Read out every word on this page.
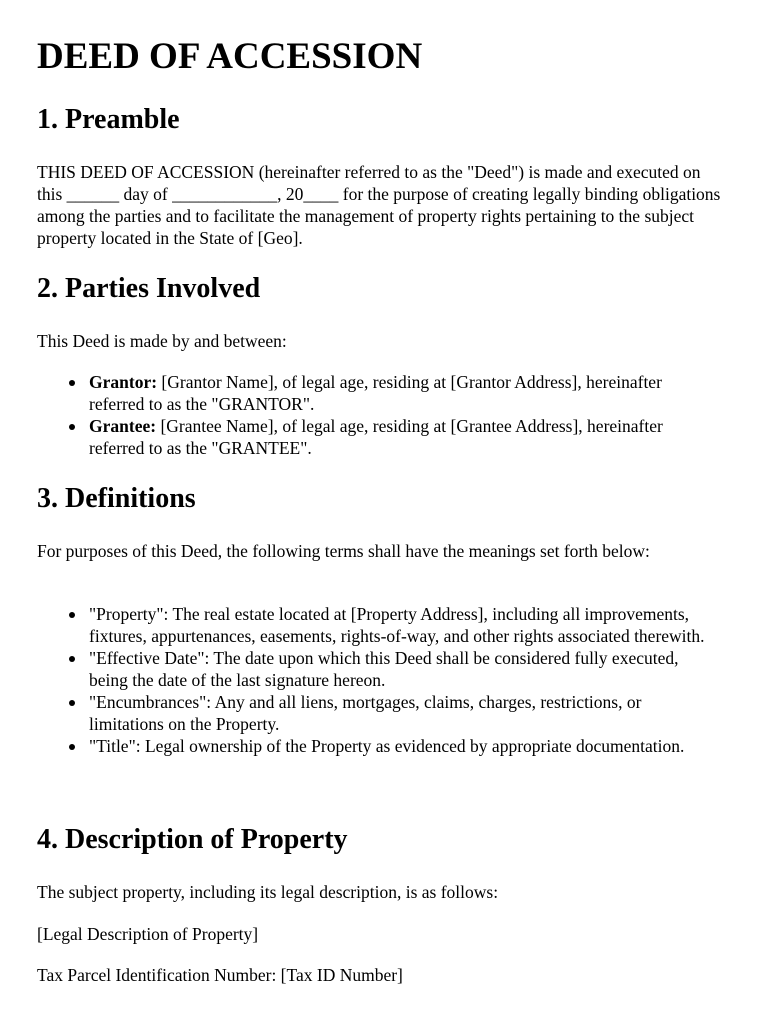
DEED OF ACCESSION
1. Preamble

THIS DEED OF ACCESSION (hereinafter referred to as the "Deed") is made and executed on this ______ day of ____________, 20____ for the purpose of creating legally binding obligations among the parties and to facilitate the management of property rights pertaining to the subject property located in the State of [Geo].

2. Parties Involved

This Deed is made by and between:

Grantor: [Grantor Name], of legal age, residing at [Grantor Address], hereinafter referred to as the "GRANTOR".
Grantee: [Grantee Name], of legal age, residing at [Grantee Address], hereinafter referred to as the "GRANTEE".
3. Definitions

For purposes of this Deed, the following terms shall have the meanings set forth below:

"Property": The real estate located at [Property Address], including all improvements, fixtures, appurtenances, easements, rights-of-way, and other rights associated therewith.
"Effective Date": The date upon which this Deed shall be considered fully executed, being the date of the last signature hereon.
"Encumbrances": Any and all liens, mortgages, claims, charges, restrictions, or limitations on the Property.
"Title": Legal ownership of the Property as evidenced by appropriate documentation.
4. Description of Property

The subject property, including its legal description, is as follows:

[Legal Description of Property]

Tax Parcel Identification Number: [Tax ID Number]
